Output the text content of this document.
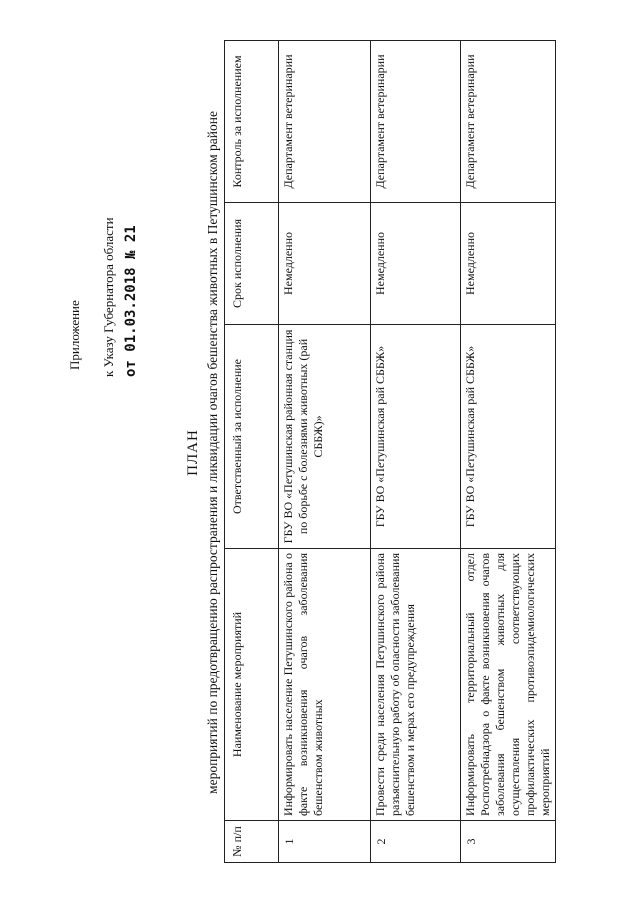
Приложение к Указу Губернатора области от 01.03.2018 № 21
ПЛАН мероприятий по предотвращению распространения и ликвидации очагов бешенства животных в Петушинском районе
№ п/п	Наименование мероприятий	Ответственный за исполнение	Срок исполнения	Контроль за исполнением
1	Информировать население Петушинского района о факте возникновения очагов заболевания бешенством животных	ГБУ ВО «Петушинская районная станция по борьбе с болезнями животных (рай СББЖ)»	Немедленно	Департамент ветеринарии
2	Провести среди населения Петушинского района разъяснительную работу об опасности заболевания бешенством и мерах его предупреждения	ГБУ ВО «Петушинская рай СББЖ»	Немедленно	Департамент ветеринарии
3	Информировать территориальный отдел Роспотребнадзора о факте возникновения очагов заболевания бешенством животных для осуществления соответствующих профилактических противоэпидемиологических мероприятий	ГБУ ВО «Петушинская рай СББЖ»	Немедленно	Департамент ветеринарии
